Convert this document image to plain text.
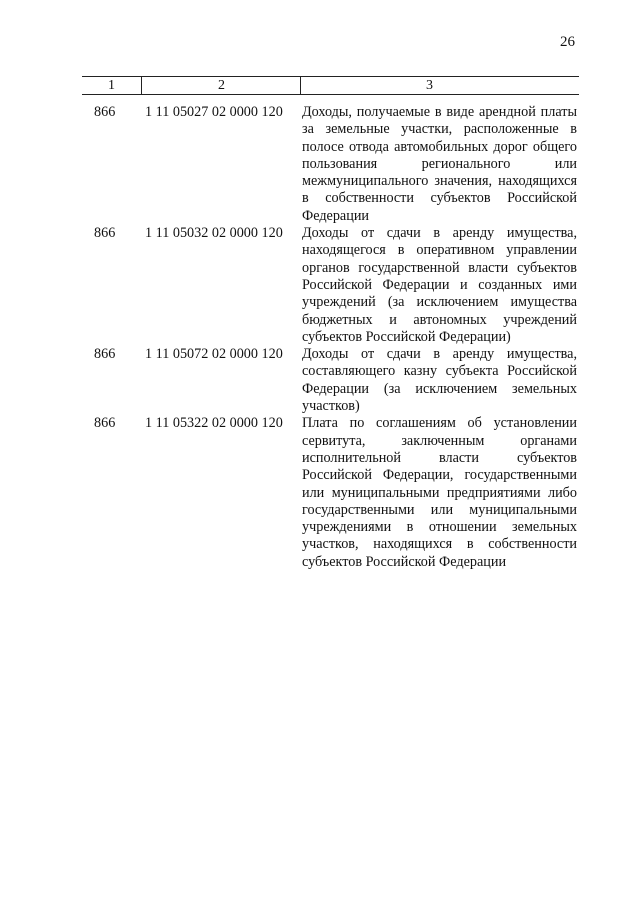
26
1	2	3
866 1 11 05027 02 0000 120 Доходы, получаемые в виде арендной платы за земельные участки, расположенные в полосе отвода автомобильных дорог общего пользования регионального или межмуниципального значения, находящихся в собственности субъектов Российской Федерации
866 1 11 05032 02 0000 120 Доходы от сдачи в аренду имущества, находящегося в оперативном управлении органов государственной власти субъектов Российской Федерации и созданных ими учреждений (за исключением имущества бюджетных и автономных учреждений субъектов Российской Федерации)
866 1 11 05072 02 0000 120 Доходы от сдачи в аренду имущества, составляющего казну субъекта Российской Федерации (за исключением земельных участков)
866 1 11 05322 02 0000 120 Плата по соглашениям об установлении сервитута, заключенным органами исполнительной власти субъектов Российской Федерации, государственными или муниципальными предприятиями либо государственными или муниципальными учреждениями в отношении земельных участков, находящихся в собственности субъектов Российской Федерации
